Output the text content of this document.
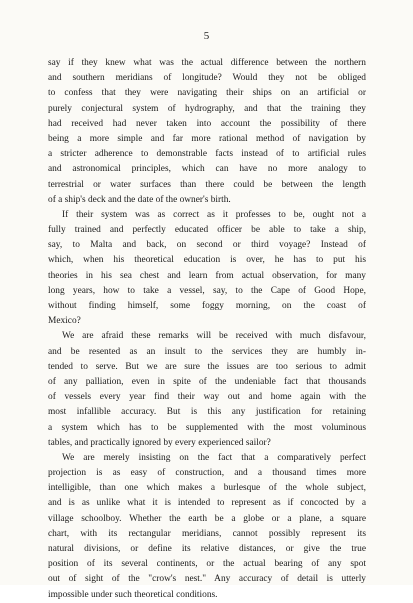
5
say if they knew what was the actual difference between the northern
and southern meridians of longitude? Would they not be obliged
to confess that they were navigating their ships on an artificial or
purely conjectural system of hydrography, and that the training they
had received had never taken into account the possibility of there
being a more simple and far more rational method of navigation by
a stricter adherence to demonstrable facts instead of to artificial rules
and astronomical principles, which can have no more analogy to
terrestrial or water surfaces than there could be between the length
of a ship's deck and the date of the owner's birth.
If their system was as correct as it professes to be, ought not a
fully trained and perfectly educated officer be able to take a ship,
say, to Malta and back, on second or third voyage? Instead of
which, when his theoretical education is over, he has to put his
theories in his sea chest and learn from actual observation, for many
long years, how to take a vessel, say, to the Cape of Good Hope,
without finding himself, some foggy morning, on the coast of
Mexico?
We are afraid these remarks will be received with much disfavour,
and be resented as an insult to the services they are humbly in-
tended to serve. But we are sure the issues are too serious to admit
of any palliation, even in spite of the undeniable fact that thousands
of vessels every year find their way out and home again with the
most infallible accuracy. But is this any justification for retaining
a system which has to be supplemented with the most voluminous
tables, and practically ignored by every experienced sailor?
We are merely insisting on the fact that a comparatively perfect
projection is as easy of construction, and a thousand times more
intelligible, than one which makes a burlesque of the whole subject,
and is as unlike what it is intended to represent as if concocted by a
village schoolboy. Whether the earth be a globe or a plane, a square
chart, with its rectangular meridians, cannot possibly represent its
natural divisions, or define its relative distances, or give the true
position of its several continents, or the actual bearing of any spot
out of sight of the "crow's nest." Any accuracy of detail is utterly
impossible under such theoretical conditions.
